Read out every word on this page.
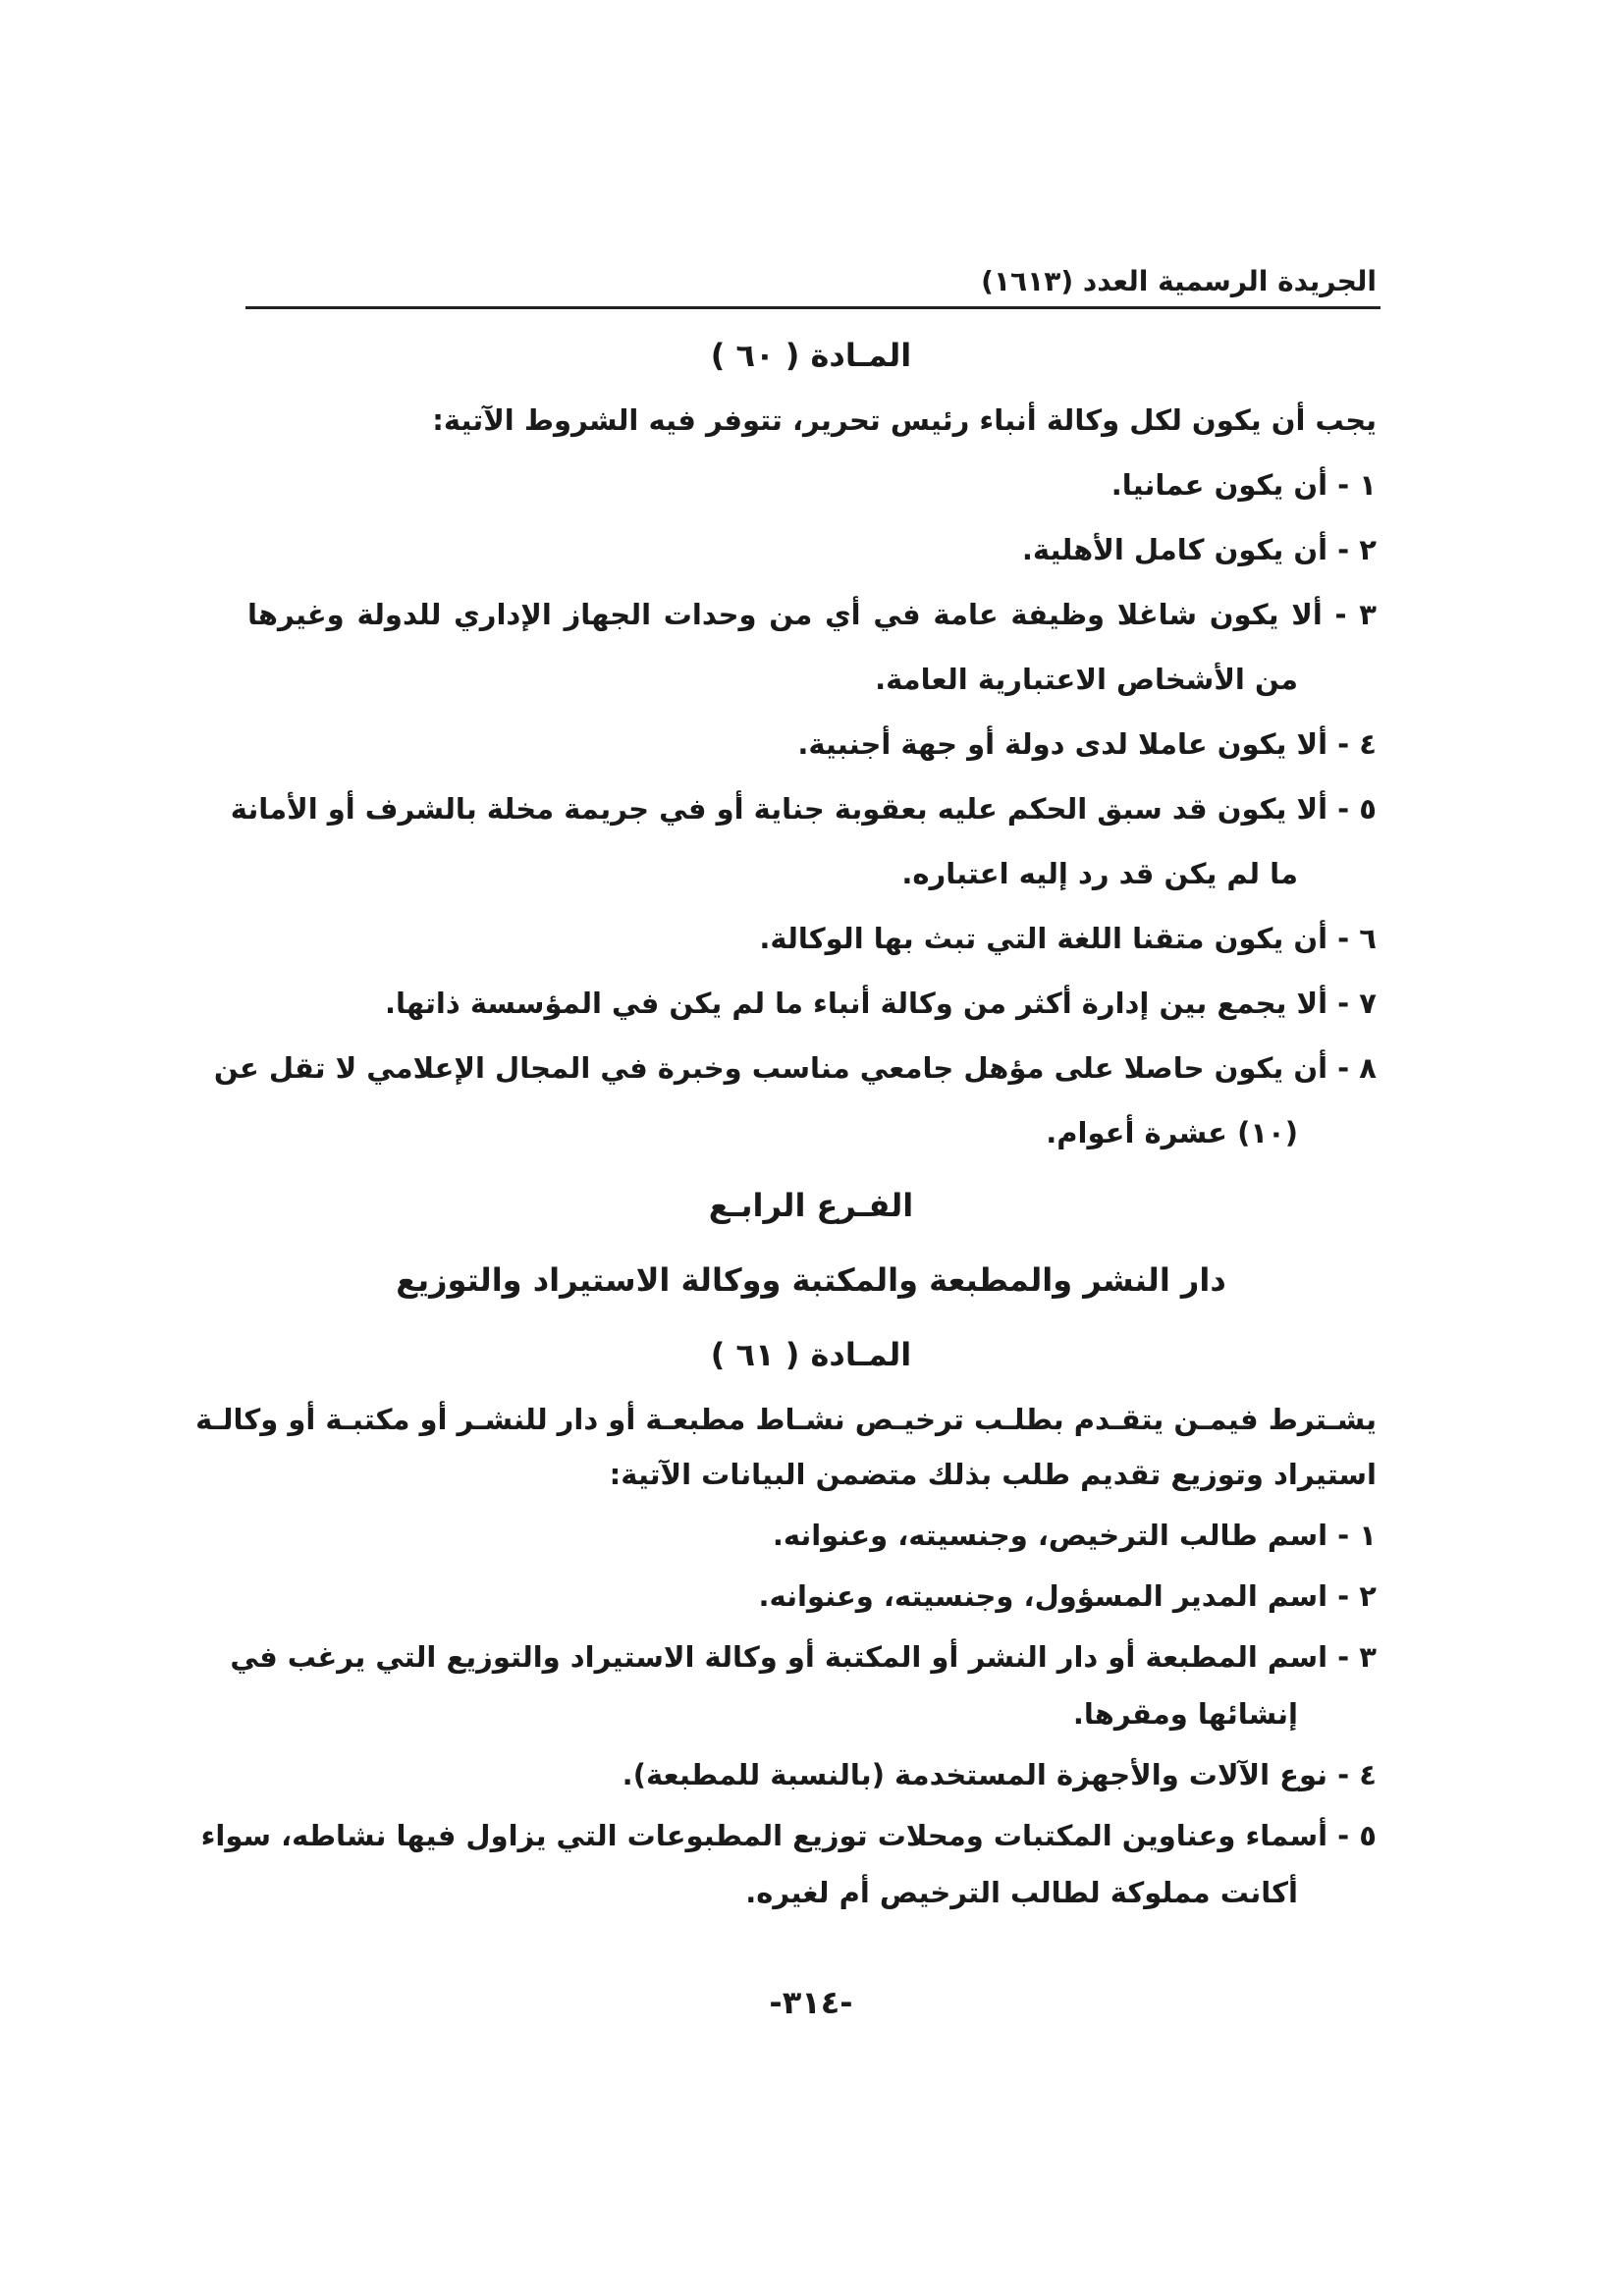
الجريدة الرسمية العدد (١٦١٣)
المـادة ( ٦٠ )
يجب أن يكون لكل وكالة أنباء رئيس تحرير، تتوفر فيه الشروط الآتية:
١ - أن يكون عمانيا.
٢ - أن يكون كامل الأهلية.
٣ - ألا يكون شاغلا وظيفة عامة في أي من وحدات الجهاز الإداري للدولة وغيرها
من الأشخاص الاعتبارية العامة.
٤ - ألا يكون عاملا لدى دولة أو جهة أجنبية.
٥ - ألا يكون قد سبق الحكم عليه بعقوبة جناية أو في جريمة مخلة بالشرف أو الأمانة
ما لم يكن قد رد إليه اعتباره.
٦ - أن يكون متقنا اللغة التي تبث بها الوكالة.
٧ - ألا يجمع بين إدارة أكثر من وكالة أنباء ما لم يكن في المؤسسة ذاتها.
٨ - أن يكون حاصلا على مؤهل جامعي مناسب وخبرة في المجال الإعلامي لا تقل عن
(١٠) عشرة أعوام.
الفـرع الرابـع
دار النشر والمطبعة والمكتبة ووكالة الاستيراد والتوزيع
المـادة ( ٦١ )
يشـترط فيمـن يتقـدم بطلـب ترخيـص نشـاط مطبعـة أو دار للنشـر أو مكتبـة أو وكالـة
استيراد وتوزيع تقديم طلب بذلك متضمن البيانات الآتية:
١ - اسم طالب الترخيص، وجنسيته، وعنوانه.
٢ - اسم المدير المسؤول، وجنسيته، وعنوانه.
٣ - اسم المطبعة أو دار النشر أو المكتبة أو وكالة الاستيراد والتوزيع التي يرغب في
إنشائها ومقرها.
٤ - نوع الآلات والأجهزة المستخدمة (بالنسبة للمطبعة).
٥ - أسماء وعناوين المكتبات ومحلات توزيع المطبوعات التي يزاول فيها نشاطه، سواء
أكانت مملوكة لطالب الترخيص أم لغيره.
-٣١٤-
